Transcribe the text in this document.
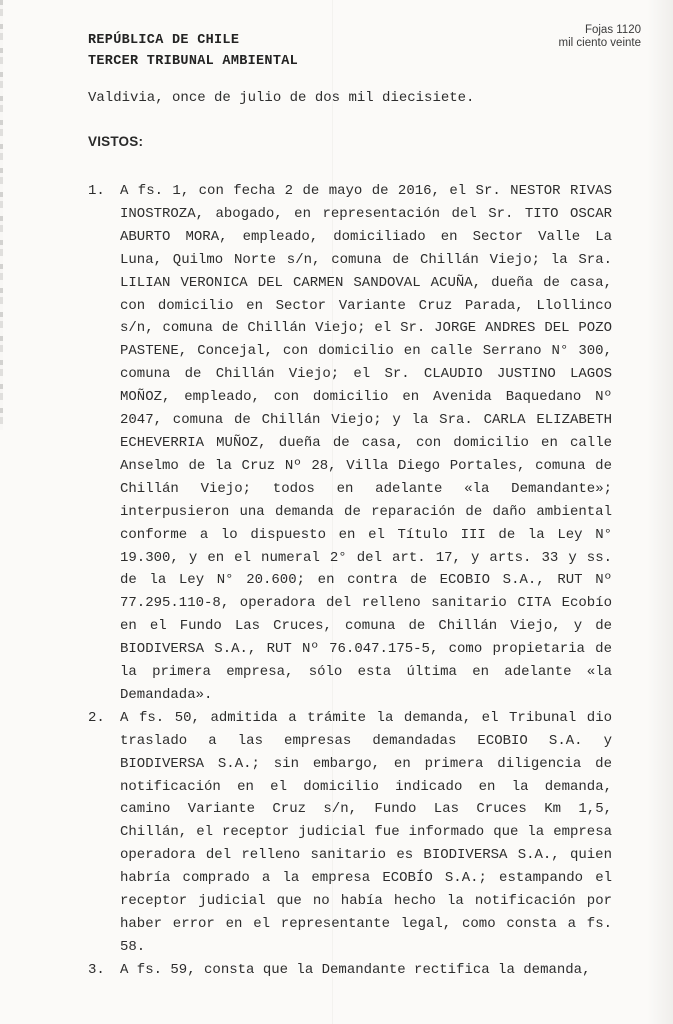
Fojas 1120
mil ciento veinte
REPÚBLICA DE CHILE
TERCER TRIBUNAL AMBIENTAL
Valdivia, once de julio de dos mil diecisiete.
VISTOS:
1.	A fs. 1, con fecha 2 de mayo de 2016, el Sr. NESTOR RIVAS INOSTROZA, abogado, en representación del Sr. TITO OSCAR ABURTO MORA, empleado, domiciliado en Sector Valle La Luna, Quilmo Norte s/n, comuna de Chillán Viejo; la Sra. LILIAN VERONICA DEL CARMEN SANDOVAL ACUÑA, dueña de casa, con domicilio en Sector Variante Cruz Parada, Llollinco s/n, comuna de Chillán Viejo; el Sr. JORGE ANDRES DEL POZO PASTENE, Concejal, con domicilio en calle Serrano N° 300, comuna de Chillán Viejo; el Sr. CLAUDIO JUSTINO LAGOS MOÑOZ, empleado, con domicilio en Avenida Baquedano Nº 2047, comuna de Chillán Viejo; y la Sra. CARLA ELIZABETH ECHEVERRIA MUÑOZ, dueña de casa, con domicilio en calle Anselmo de la Cruz Nº 28, Villa Diego Portales, comuna de Chillán Viejo; todos en adelante «la Demandante»; interpusieron una demanda de reparación de daño ambiental conforme a lo dispuesto en el Título III de la Ley N° 19.300, y en el numeral 2° del art. 17, y arts. 33 y ss. de la Ley N° 20.600; en contra de ECOBIO S.A., RUT Nº 77.295.110-8, operadora del relleno sanitario CITA Ecobío en el Fundo Las Cruces, comuna de Chillán Viejo, y de BIODIVERSA S.A., RUT Nº 76.047.175-5, como propietaria de la primera empresa, sólo esta última en adelante «la Demandada».
2.	A fs. 50, admitida a trámite la demanda, el Tribunal dio traslado a las empresas demandadas ECOBIO S.A. y BIODIVERSA S.A.; sin embargo, en primera diligencia de notificación en el domicilio indicado en la demanda, camino Variante Cruz s/n, Fundo Las Cruces Km 1,5, Chillán, el receptor judicial fue informado que la empresa operadora del relleno sanitario es BIODIVERSA S.A., quien habría comprado a la empresa ECOBÍO S.A.; estampando el receptor judicial que no había hecho la notificación por haber error en el representante legal, como consta a fs. 58.
3.	A fs. 59, consta que la Demandante rectifica la demanda,
